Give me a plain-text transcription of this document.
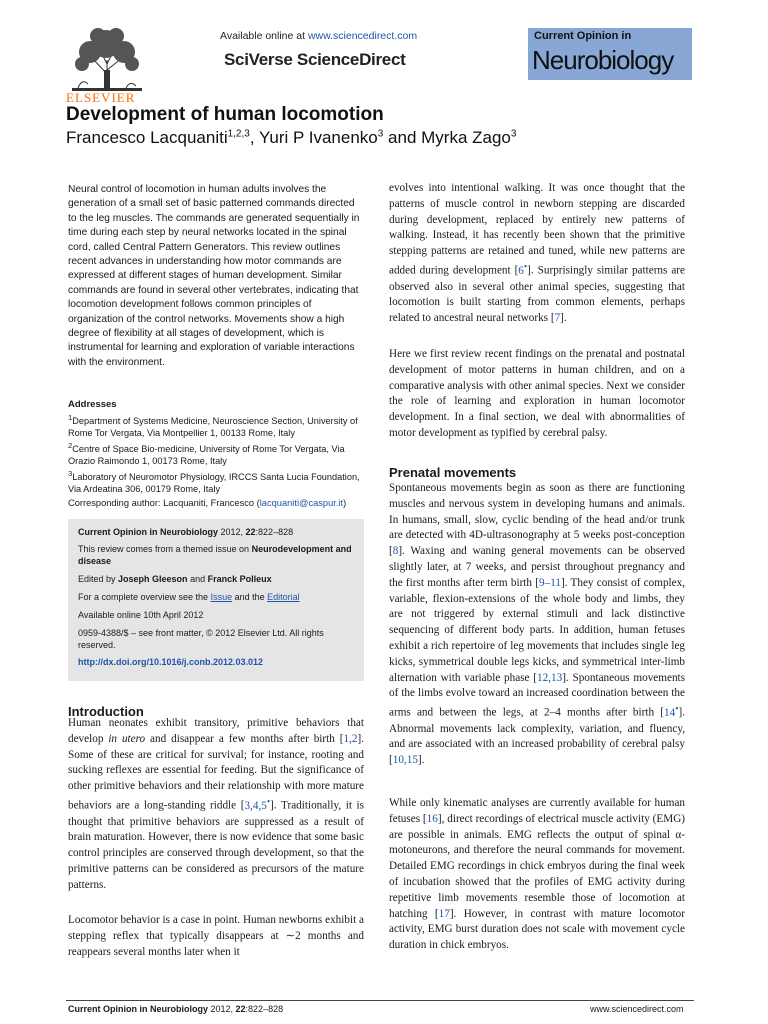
ELSEVIER
Available online at www.sciencedirect.com
SciVerse ScienceDirect
Current Opinion in
Neurobiology
Development of human locomotion
Francesco Lacquaniti$^{1,2,3}$, Yuri P Ivanenko$^3$ and Myrka Zago$^3$
Neural control of locomotion in human adults involves the generation of a small set of basic patterned commands directed to the leg muscles. The commands are generated sequentially in time during each step by neural networks located in the spinal cord, called Central Pattern Generators. This review outlines recent advances in understanding how motor commands are expressed at different stages of human development. Similar commands are found in several other vertebrates, indicating that locomotion development follows common principles of organization of the control networks. Movements show a high degree of flexibility at all stages of development, which is instrumental for learning and exploration of variable interactions with the environment.
Addresses

$^1$Department of Systems Medicine, Neuroscience Section, University of Rome Tor Vergata, Via Montpellier 1, 00133 Rome, Italy

$^2$Centre of Space Bio-medicine, University of Rome Tor Vergata, Via Orazio Raimondo 1, 00173 Rome, Italy

$^3$Laboratory of Neuromotor Physiology, IRCCS Santa Lucia Foundation, Via Ardeatina 306, 00179 Rome, Italy

Corresponding author: Lacquaniti, Francesco (lacquaniti@caspur.it)
Current Opinion in Neurobiology 2012, 22:822–828
This review comes from a themed issue on Neurodevelopment and disease
Edited by Joseph Gleeson and Franck Polleux
For a complete overview see the Issue and the Editorial
Available online 10th April 2012
0959-4388/$ – see front matter, © 2012 Elsevier Ltd. All rights reserved.
http://dx.doi.org/10.1016/j.conb.2012.03.012
Introduction
Human neonates exhibit transitory, primitive behaviors that develop in utero and disappear a few months after birth [1,2]. Some of these are critical for survival; for instance, rooting and sucking reflexes are essential for feeding. But the significance of other primitive behaviors and their relationship with more mature behaviors are a long-standing riddle [3,4,5•]. Traditionally, it is thought that primitive behaviors are suppressed as a result of brain maturation. However, there is now evidence that some basic control principles are conserved through development, so that the primitive patterns can be considered as precursors of the mature patterns.
Locomotor behavior is a case in point. Human newborns exhibit a stepping reflex that typically disappears at ∼2 months and reappears several months later when it
evolves into intentional walking. It was once thought that the patterns of muscle control in newborn stepping are discarded during development, replaced by entirely new patterns of walking. Instead, it has recently been shown that the primitive stepping patterns are retained and tuned, while new patterns are added during development [6•]. Surprisingly similar patterns are observed also in several other animal species, suggesting that locomotion is built starting from common elements, perhaps related to ancestral neural networks [7].
Here we first review recent findings on the prenatal and postnatal development of motor patterns in human children, and on a comparative analysis with other animal species. Next we consider the role of learning and exploration in human locomotor development. In a final section, we deal with abnormalities of motor development as typified by cerebral palsy.
Prenatal movements
Spontaneous movements begin as soon as there are functioning muscles and nervous system in developing humans and animals. In humans, small, slow, cyclic bending of the head and/or trunk are detected with 4D-ultrasonography at 5 weeks post-conception [8]. Waxing and waning general movements can be observed slightly later, at 7 weeks, and persist throughout pregnancy and the first months after term birth [9–11]. They consist of complex, variable, flexion-extensions of the whole body and limbs, they are not triggered by external stimuli and lack distinctive sequencing of different body parts. In addition, human fetuses exhibit a rich repertoire of leg movements that includes single leg kicks, symmetrical double legs kicks, and symmetrical inter-limb alternation with variable phase [12,13]. Spontaneous movements of the limbs evolve toward an increased coordination between the arms and between the legs, at 2–4 months after birth [14•]. Abnormal movements lack complexity, variation, and fluency, and are associated with an increased probability of cerebral palsy [10,15].
While only kinematic analyses are currently available for human fetuses [16], direct recordings of electrical muscle activity (EMG) are possible in animals. EMG reflects the output of spinal α-motoneurons, and therefore the neural commands for movement. Detailed EMG recordings in chick embryos during the final week of incubation showed that the profiles of EMG activity during repetitive limb movements resemble those of locomotion at hatching [17]. However, in contrast with mature locomotor activity, EMG burst duration does not scale with movement cycle duration in chick embryos.
Current Opinion in Neurobiology 2012, 22:822–828	www.sciencedirect.com
